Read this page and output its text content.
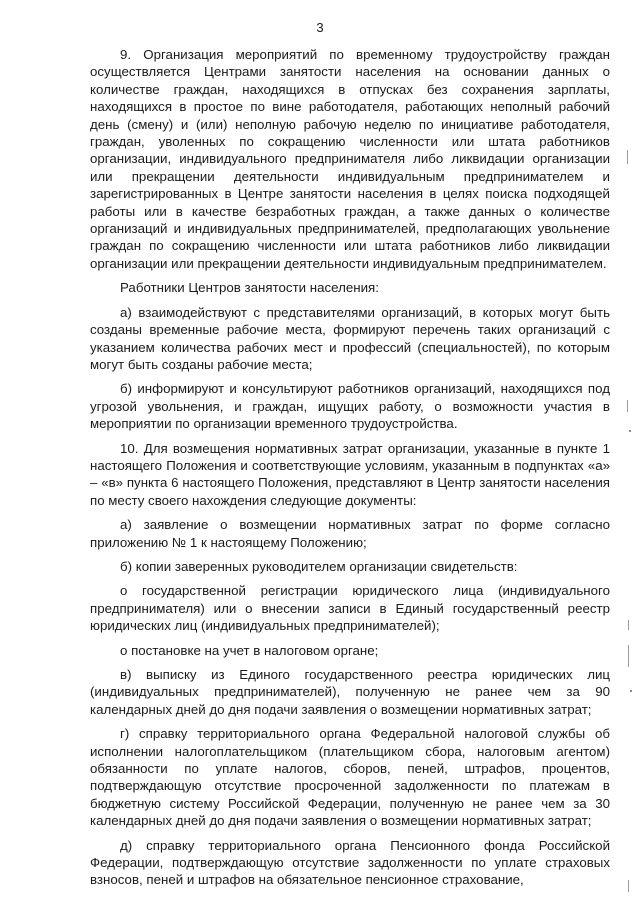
3

9. Организация мероприятий по временному трудоустройству граждан осуществляется Центрами занятости населения на основании данных о количестве граждан, находящихся в отпусках без сохранения зарплаты, находящихся в простое по вине работодателя, работающих неполный рабочий день (смену) и (или) неполную рабочую неделю по инициативе работодателя, граждан, уволенных по сокращению численности или штата работников организации, индивидуального предпринимателя либо ликвидации организации или прекращении деятельности индивидуальным предпринимателем и зарегистрированных в Центре занятости населения в целях поиска подходящей работы или в качестве безработных граждан, а также данных о количестве организаций и индивидуальных предпринимателей, предполагающих увольнение граждан по сокращению численности или штата работников либо ликвидации организации или прекращении деятельности индивидуальным предпринимателем.

Работники Центров занятости населения:

а) взаимодействуют с представителями организаций, в которых могут быть созданы временные рабочие места, формируют перечень таких организаций с указанием количества рабочих мест и профессий (специальностей), по которым могут быть созданы рабочие места;

б) информируют и консультируют работников организаций, находящихся под угрозой увольнения, и граждан, ищущих работу, о возможности участия в мероприятии по организации временного трудоустройства.

10. Для возмещения нормативных затрат организации, указанные в пункте 1 настоящего Положения и соответствующие условиям, указанным в подпунктах «а» – «в» пункта 6 настоящего Положения, представляют в Центр занятости населения по месту своего нахождения следующие документы:

а) заявление о возмещении нормативных затрат по форме согласно приложению № 1 к настоящему Положению;

б) копии заверенных руководителем организации свидетельств:

о государственной регистрации юридического лица (индивидуального предпринимателя) или о внесении записи в Единый государственный реестр юридических лиц (индивидуальных предпринимателей);

о постановке на учет в налоговом органе;

в) выписку из Единого государственного реестра юридических лиц (индивидуальных предпринимателей), полученную не ранее чем за 90 календарных дней до дня подачи заявления о возмещении нормативных затрат;

г) справку территориального органа Федеральной налоговой службы об исполнении налогоплательщиком (плательщиком сбора, налоговым агентом) обязанности по уплате налогов, сборов, пеней, штрафов, процентов, подтверждающую отсутствие просроченной задолженности по платежам в бюджетную систему Российской Федерации, полученную не ранее чем за 30 календарных дней до дня подачи заявления о возмещении нормативных затрат;

д) справку территориального органа Пенсионного фонда Российской Федерации, подтверждающую отсутствие задолженности по уплате страховых взносов, пеней и штрафов на обязательное пенсионное страхование,
